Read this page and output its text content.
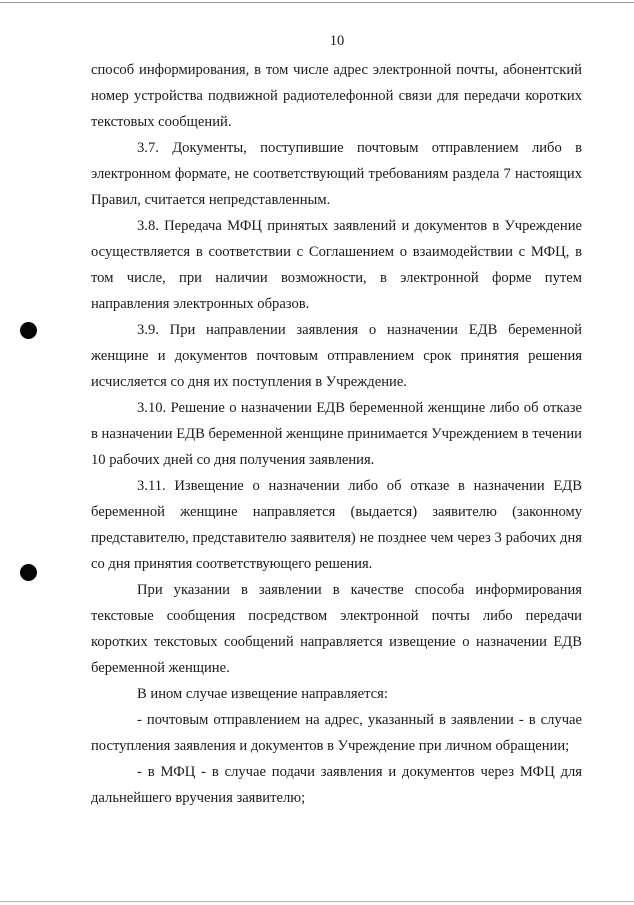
10

способ информирования, в том числе адрес электронной почты, абонентский номер устройства подвижной радиотелефонной связи для передачи коротких текстовых сообщений.

3.7. Документы, поступившие почтовым отправлением либо в электронном формате, не соответствующий требованиям раздела 7 настоящих Правил, считается непредставленным.

3.8. Передача МФЦ принятых заявлений и документов в Учреждение осуществляется в соответствии с Соглашением о взаимодействии с МФЦ, в том числе, при наличии возможности, в электронной форме путем направления электронных образов.

3.9. При направлении заявления о назначении ЕДВ беременной женщине и документов почтовым отправлением срок принятия решения исчисляется со дня их поступления в Учреждение.

3.10. Решение о назначении ЕДВ беременной женщине либо об отказе в назначении ЕДВ беременной женщине принимается Учреждением в течении 10 рабочих дней со дня получения заявления.

3.11. Извещение о назначении либо об отказе в назначении ЕДВ беременной женщине направляется (выдается) заявителю (законному представителю, представителю заявителя) не позднее чем через 3 рабочих дня со дня принятия соответствующего решения.

При указании в заявлении в качестве способа информирования текстовые сообщения посредством электронной почты либо передачи коротких текстовых сообщений направляется извещение о назначении ЕДВ беременной женщине.

В ином случае извещение направляется:

- почтовым отправлением на адрес, указанный в заявлении - в случае поступления заявления и документов в Учреждение при личном обращении;

- в МФЦ - в случае подачи заявления и документов через МФЦ для дальнейшего вручения заявителю;
